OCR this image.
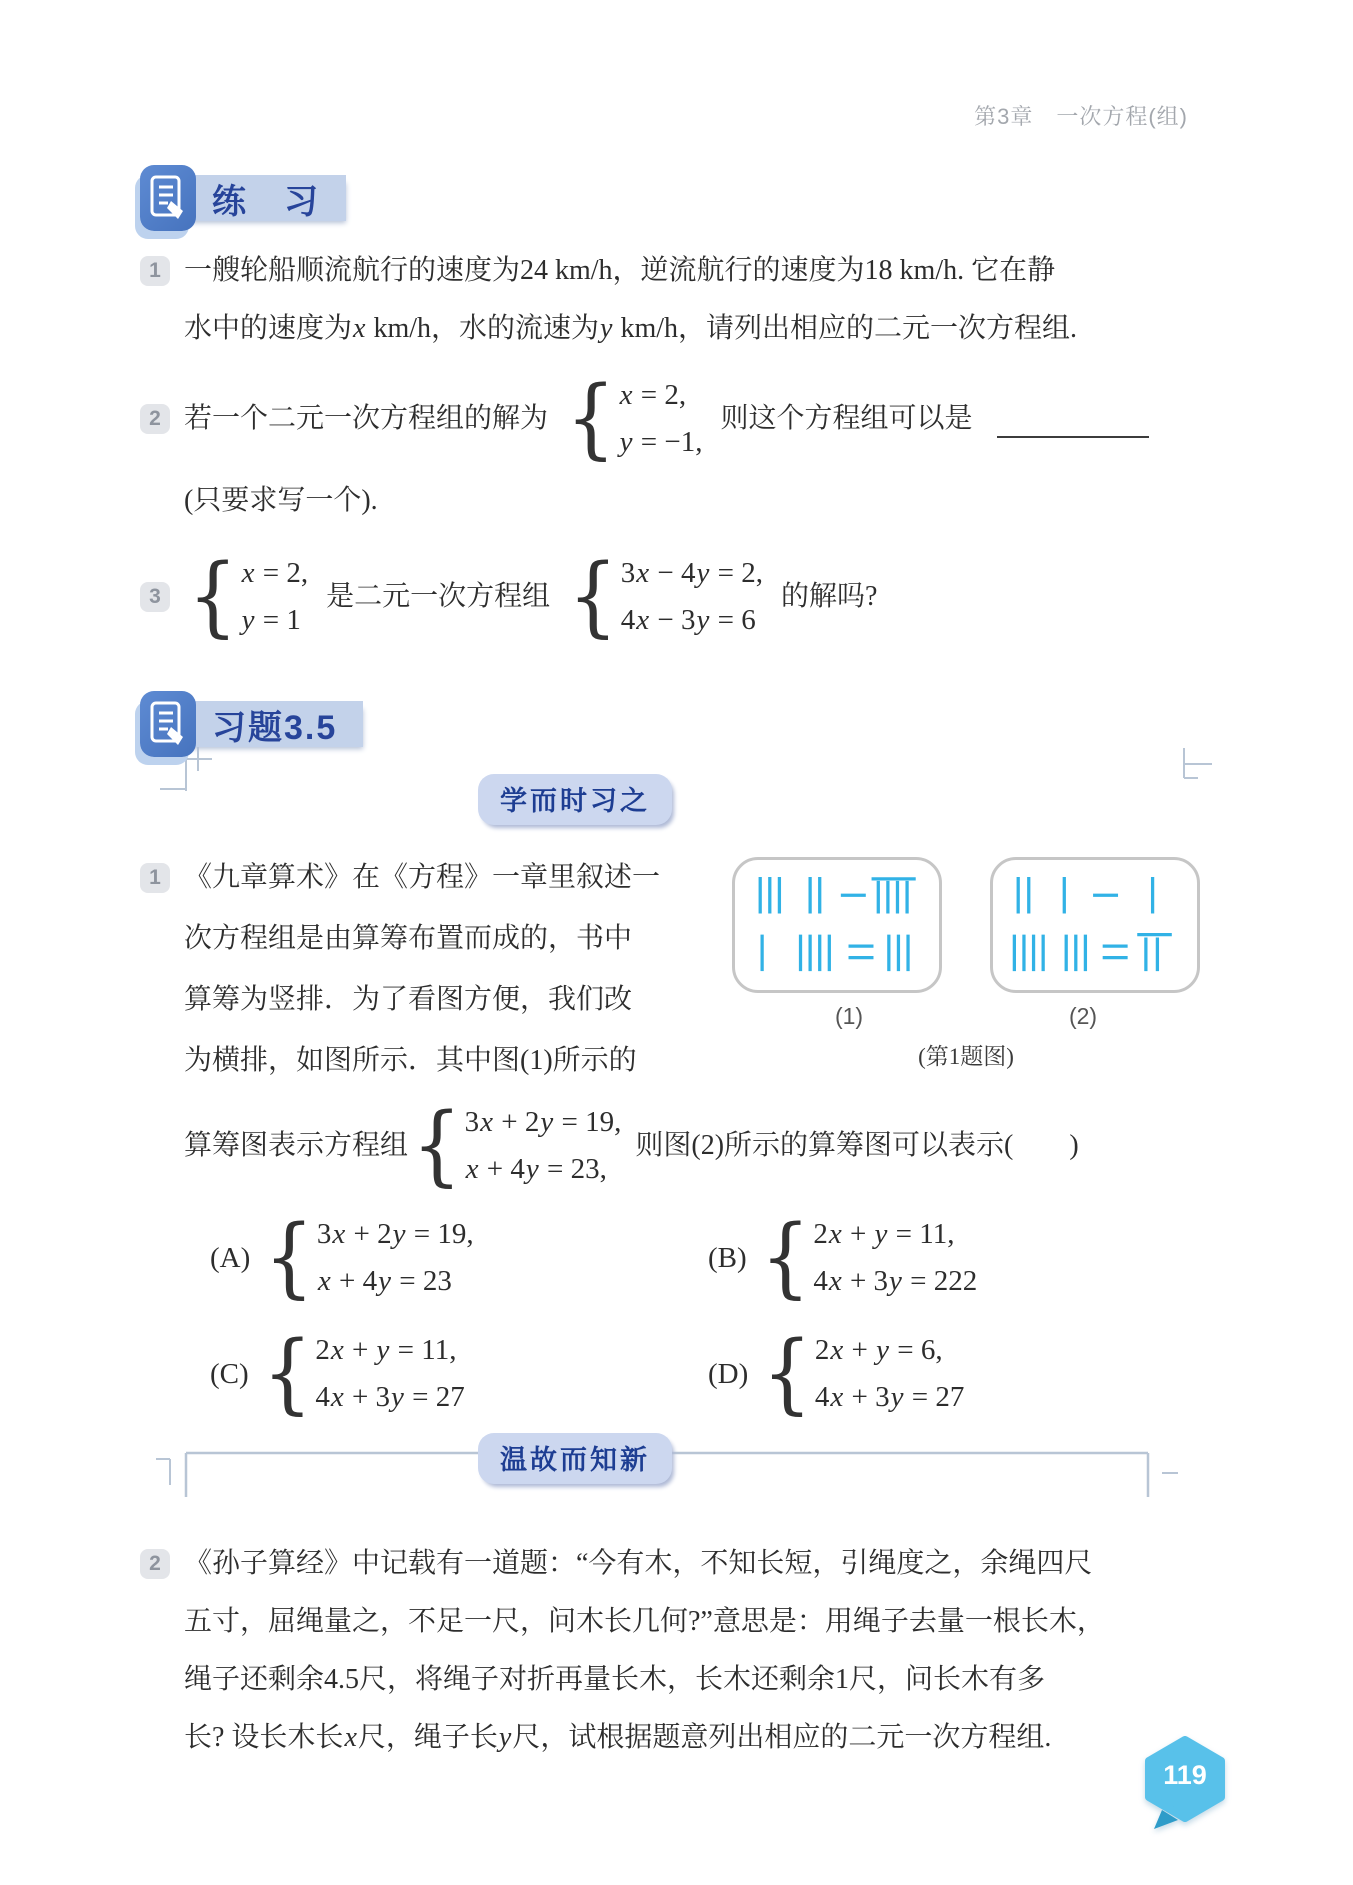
第3章　一次方程(组)
练　习
1 一艘轮船顺流航行的速度为24 km/h，逆流航行的速度为18 km/h. 它在静
水中的速度为x km/h，水的流速为y km/h，请列出相应的二元一次方程组.
2 若一个二元一次方程组的解为 { x = 2,
y = −1,
则这个方程组可以是
(只要求写一个).
3 { x = 2,
y = 1
是二元一次方程组 { 3x − 4y = 2,
4x − 3y = 6
的解吗?
习题3.5
学而时习之
1 《九章算术》在《方程》一章里叙述一
次方程组是由算筹布置而成的，书中
算筹为竖排．为了看图方便，我们改
为横排，如图所示．其中图(1)所示的
(1)	(2)
(第1题图)
算筹图表示方程组 { 3x + 2y = 19,
x + 4y = 23,
则图(2)所示的算筹图可以表示(　　)
(A) { 3x + 2y = 19,
x + 4y = 23
(B) { 2x + y = 11,
4x + 3y = 222
(C) { 2x + y = 11,
4x + 3y = 27
(D) { 2x + y = 6,
4x + 3y = 27
温故而知新
2 《孙子算经》中记载有一道题：“今有木，不知长短，引绳度之，余绳四尺
五寸，屈绳量之，不足一尺，问木长几何?”意思是：用绳子去量一根长木，
绳子还剩余4.5尺，将绳子对折再量长木，长木还剩余1尺，问长木有多
长? 设长木长x尺，绳子长y尺，试根据题意列出相应的二元一次方程组.
119
